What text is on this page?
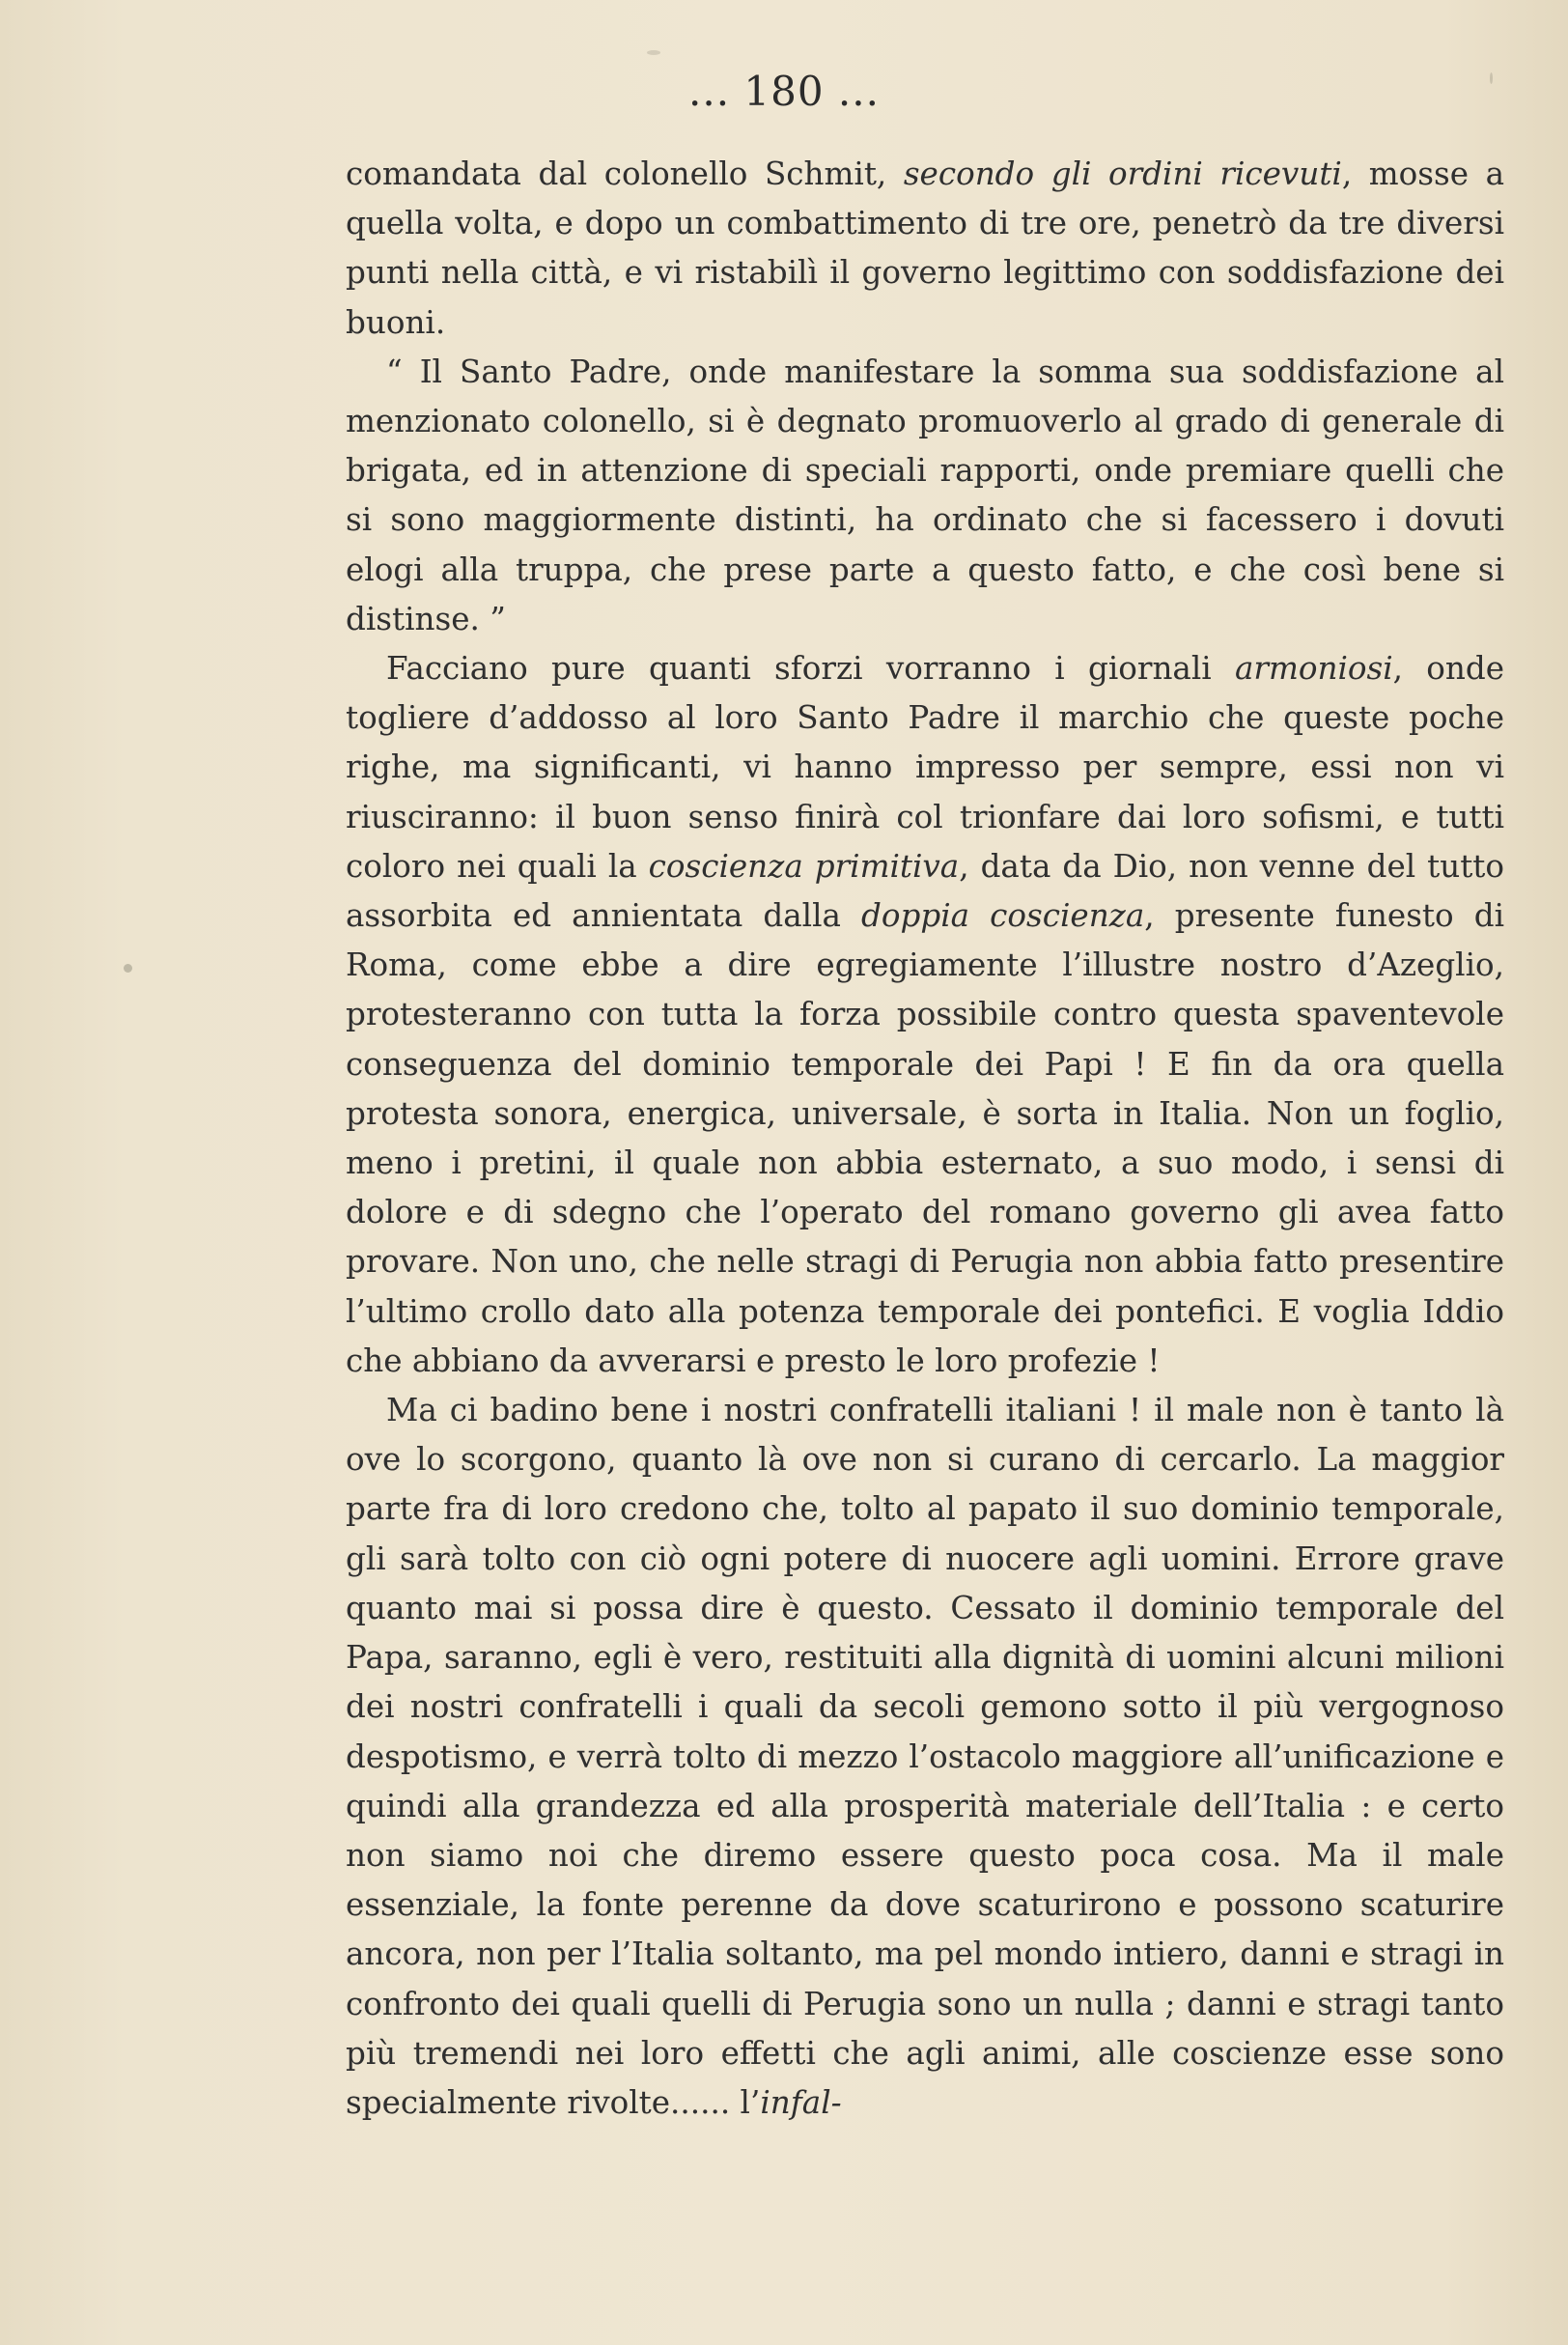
... 180 ...

comandata dal colonello Schmit, secondo gli ordini ricevuti, mosse a quella volta, e dopo un combattimento di tre ore, penetrò da tre diversi punti nella città, e vi ristabilì il governo legittimo con soddisfazione dei buoni.

“ Il Santo Padre, onde manifestare la somma sua soddisfazione al menzionato colonello, si è degnato promuoverlo al grado di generale di brigata, ed in attenzione di speciali rapporti, onde premiare quelli che si sono maggiormente distinti, ha ordinato che si facessero i dovuti elogi alla truppa, che prese parte a questo fatto, e che così bene si distinse. ”

Facciano pure quanti sforzi vorranno i giornali armoniosi, onde togliere d’addosso al loro Santo Padre il marchio che queste poche righe, ma significanti, vi hanno impresso per sempre, essi non vi riusciranno: il buon senso finirà col trionfare dai loro sofismi, e tutti coloro nei quali la coscienza primitiva, data da Dio, non venne del tutto assorbita ed annientata dalla doppia coscienza, presente funesto di Roma, come ebbe a dire egregiamente l’illustre nostro d’Azeglio, protesteranno con tutta la forza possibile contro questa spaventevole conseguenza del dominio temporale dei Papi ! E fin da ora quella protesta sonora, energica, universale, è sorta in Italia. Non un foglio, meno i pretini, il quale non abbia esternato, a suo modo, i sensi di dolore e di sdegno che l’operato del romano governo gli avea fatto provare. Non uno, che nelle stragi di Perugia non abbia fatto presentire l’ultimo crollo dato alla potenza temporale dei pontefici. E voglia Iddio che abbiano da avverarsi e presto le loro profezie !

Ma ci badino bene i nostri confratelli italiani ! il male non è tanto là ove lo scorgono, quanto là ove non si curano di cercarlo. La maggior parte fra di loro credono che, tolto al papato il suo dominio temporale, gli sarà tolto con ciò ogni potere di nuocere agli uomini. Errore grave quanto mai si possa dire è questo. Cessato il dominio temporale del Papa, saranno, egli è vero, restituiti alla dignità di uomini alcuni milioni dei nostri confratelli i quali da secoli gemono sotto il più vergognoso despotismo, e verrà tolto di mezzo l’ostacolo maggiore all’unificazione e quindi alla grandezza ed alla prosperità materiale dell’Italia : e certo non siamo noi che diremo essere questo poca cosa. Ma il male essenziale, la fonte perenne da dove scaturirono e possono scaturire ancora, non per l’Italia soltanto, ma pel mondo intiero, danni e stragi in confronto dei quali quelli di Perugia sono un nulla ; danni e stragi tanto più tremendi nei loro effetti che agli animi, alle coscienze esse sono specialmente rivolte...... l’infal-
